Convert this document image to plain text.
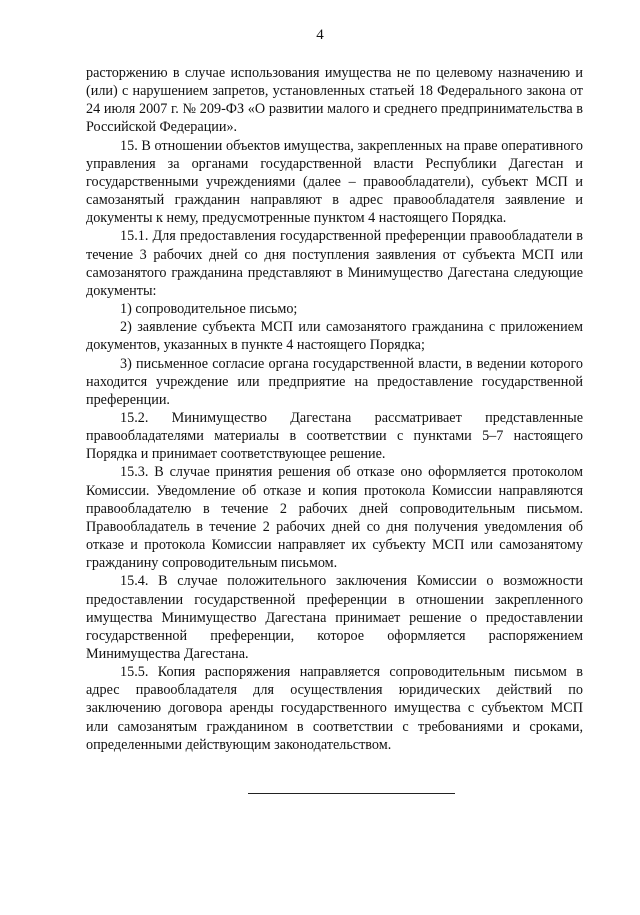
4

расторжению в случае использования имущества не по целевому назначению и (или) с нарушением запретов, установленных статьей 18 Федерального закона от 24 июля 2007 г. № 209-ФЗ «О развитии малого и среднего предпринимательства в Российской Федерации».

15. В отношении объектов имущества, закрепленных на праве оперативного управления за органами государственной власти Республики Дагестан и государственными учреждениями (далее – правообладатели), субъект МСП и самозанятый гражданин направляют в адрес правообладателя заявление и документы к нему, предусмотренные пунктом 4 настоящего Порядка.

15.1. Для предоставления государственной преференции правообладатели в течение 3 рабочих дней со дня поступления заявления от субъекта МСП или самозанятого гражданина представляют в Минимущество Дагестана следующие документы:

1) сопроводительное письмо;

2) заявление субъекта МСП или самозанятого гражданина с приложением документов, указанных в пункте 4 настоящего Порядка;

3) письменное согласие органа государственной власти, в ведении которого находится учреждение или предприятие на предоставление государственной преференции.

15.2. Минимущество Дагестана рассматривает представленные правообладателями материалы в соответствии с пунктами 5–7 настоящего Порядка и принимает соответствующее решение.

15.3. В случае принятия решения об отказе оно оформляется протоколом Комиссии. Уведомление об отказе и копия протокола Комиссии направляются правообладателю в течение 2 рабочих дней сопроводительным письмом. Правообладатель в течение 2 рабочих дней со дня получения уведомления об отказе и протокола Комиссии направляет их субъекту МСП или самозанятому гражданину сопроводительным письмом.

15.4. В случае положительного заключения Комиссии о возможности предоставлении государственной преференции в отношении закрепленного имущества Минимущество Дагестана принимает решение о предоставлении государственной преференции, которое оформляется распоряжением Минимущества Дагестана.

15.5. Копия распоряжения направляется сопроводительным письмом в адрес правообладателя для осуществления юридических действий по заключению договора аренды государственного имущества с субъектом МСП или самозанятым гражданином в соответствии с требованиями и сроками, определенными действующим законодательством.
